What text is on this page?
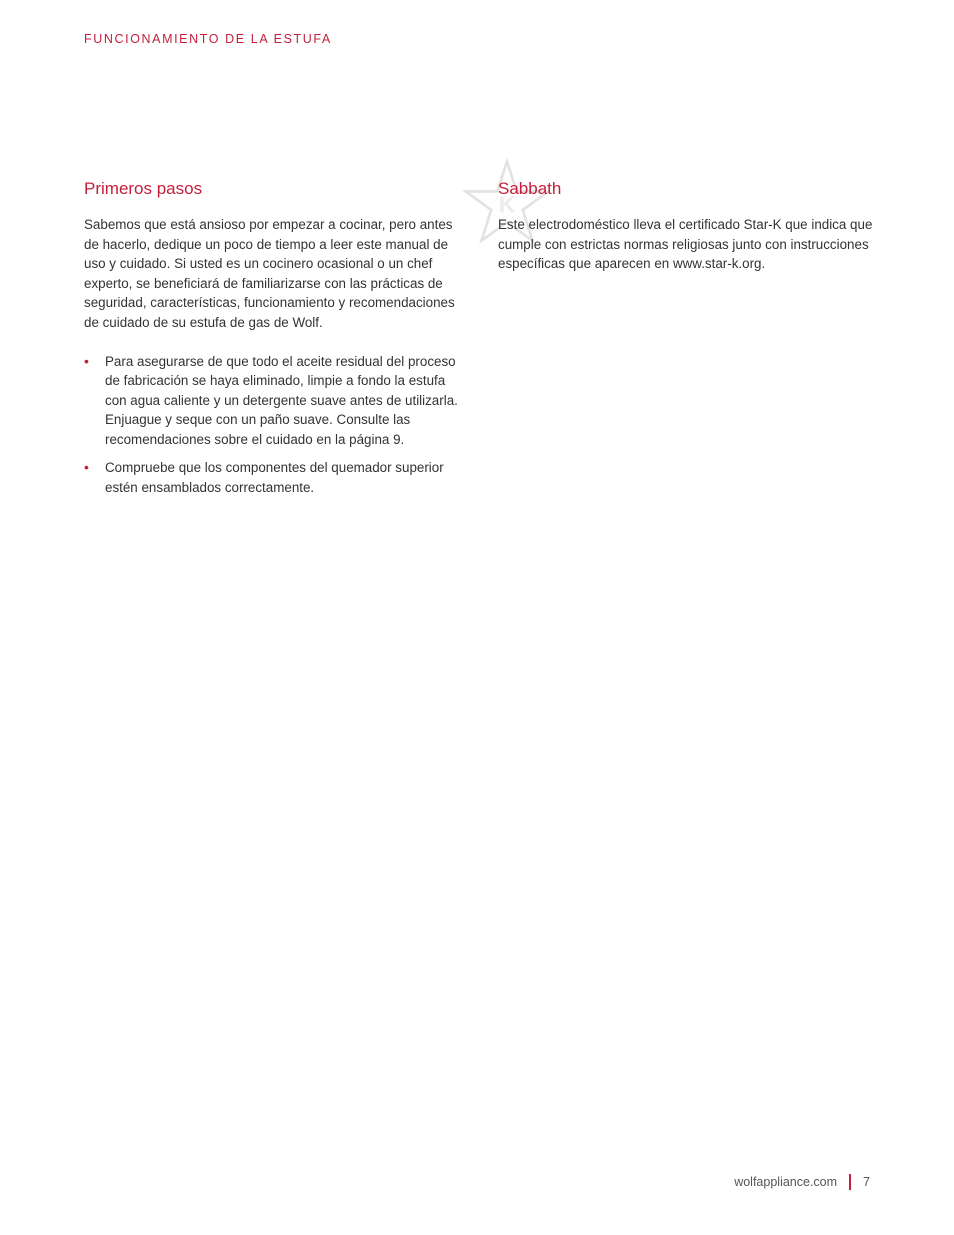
FUNCIONAMIENTO DE LA ESTUFA
K
Primeros pasos

Sabemos que está ansioso por empezar a cocinar, pero antes de hacerlo, dedique un poco de tiempo a leer este manual de uso y cuidado. Si usted es un cocinero ocasional o un chef experto, se beneficiará de familiarizarse con las prácticas de seguridad, características, funcionamiento y recomendaciones de cuidado de su estufa de gas de Wolf.

• Para asegurarse de que todo el aceite residual del proceso de fabricación se haya eliminado, limpie a fondo la estufa con agua caliente y un detergente suave antes de utilizarla. Enjuague y seque con un paño suave. Consulte las recomendaciones sobre el cuidado en la página 9.
• Compruebe que los componentes del quemador superior estén ensamblados correctamente.
Sabbath

Este electrodoméstico lleva el certificado Star-K que indica que cumple con estrictas normas religiosas junto con instrucciones específicas que aparecen en www.star-k.org.

wolfappliance.com 7
